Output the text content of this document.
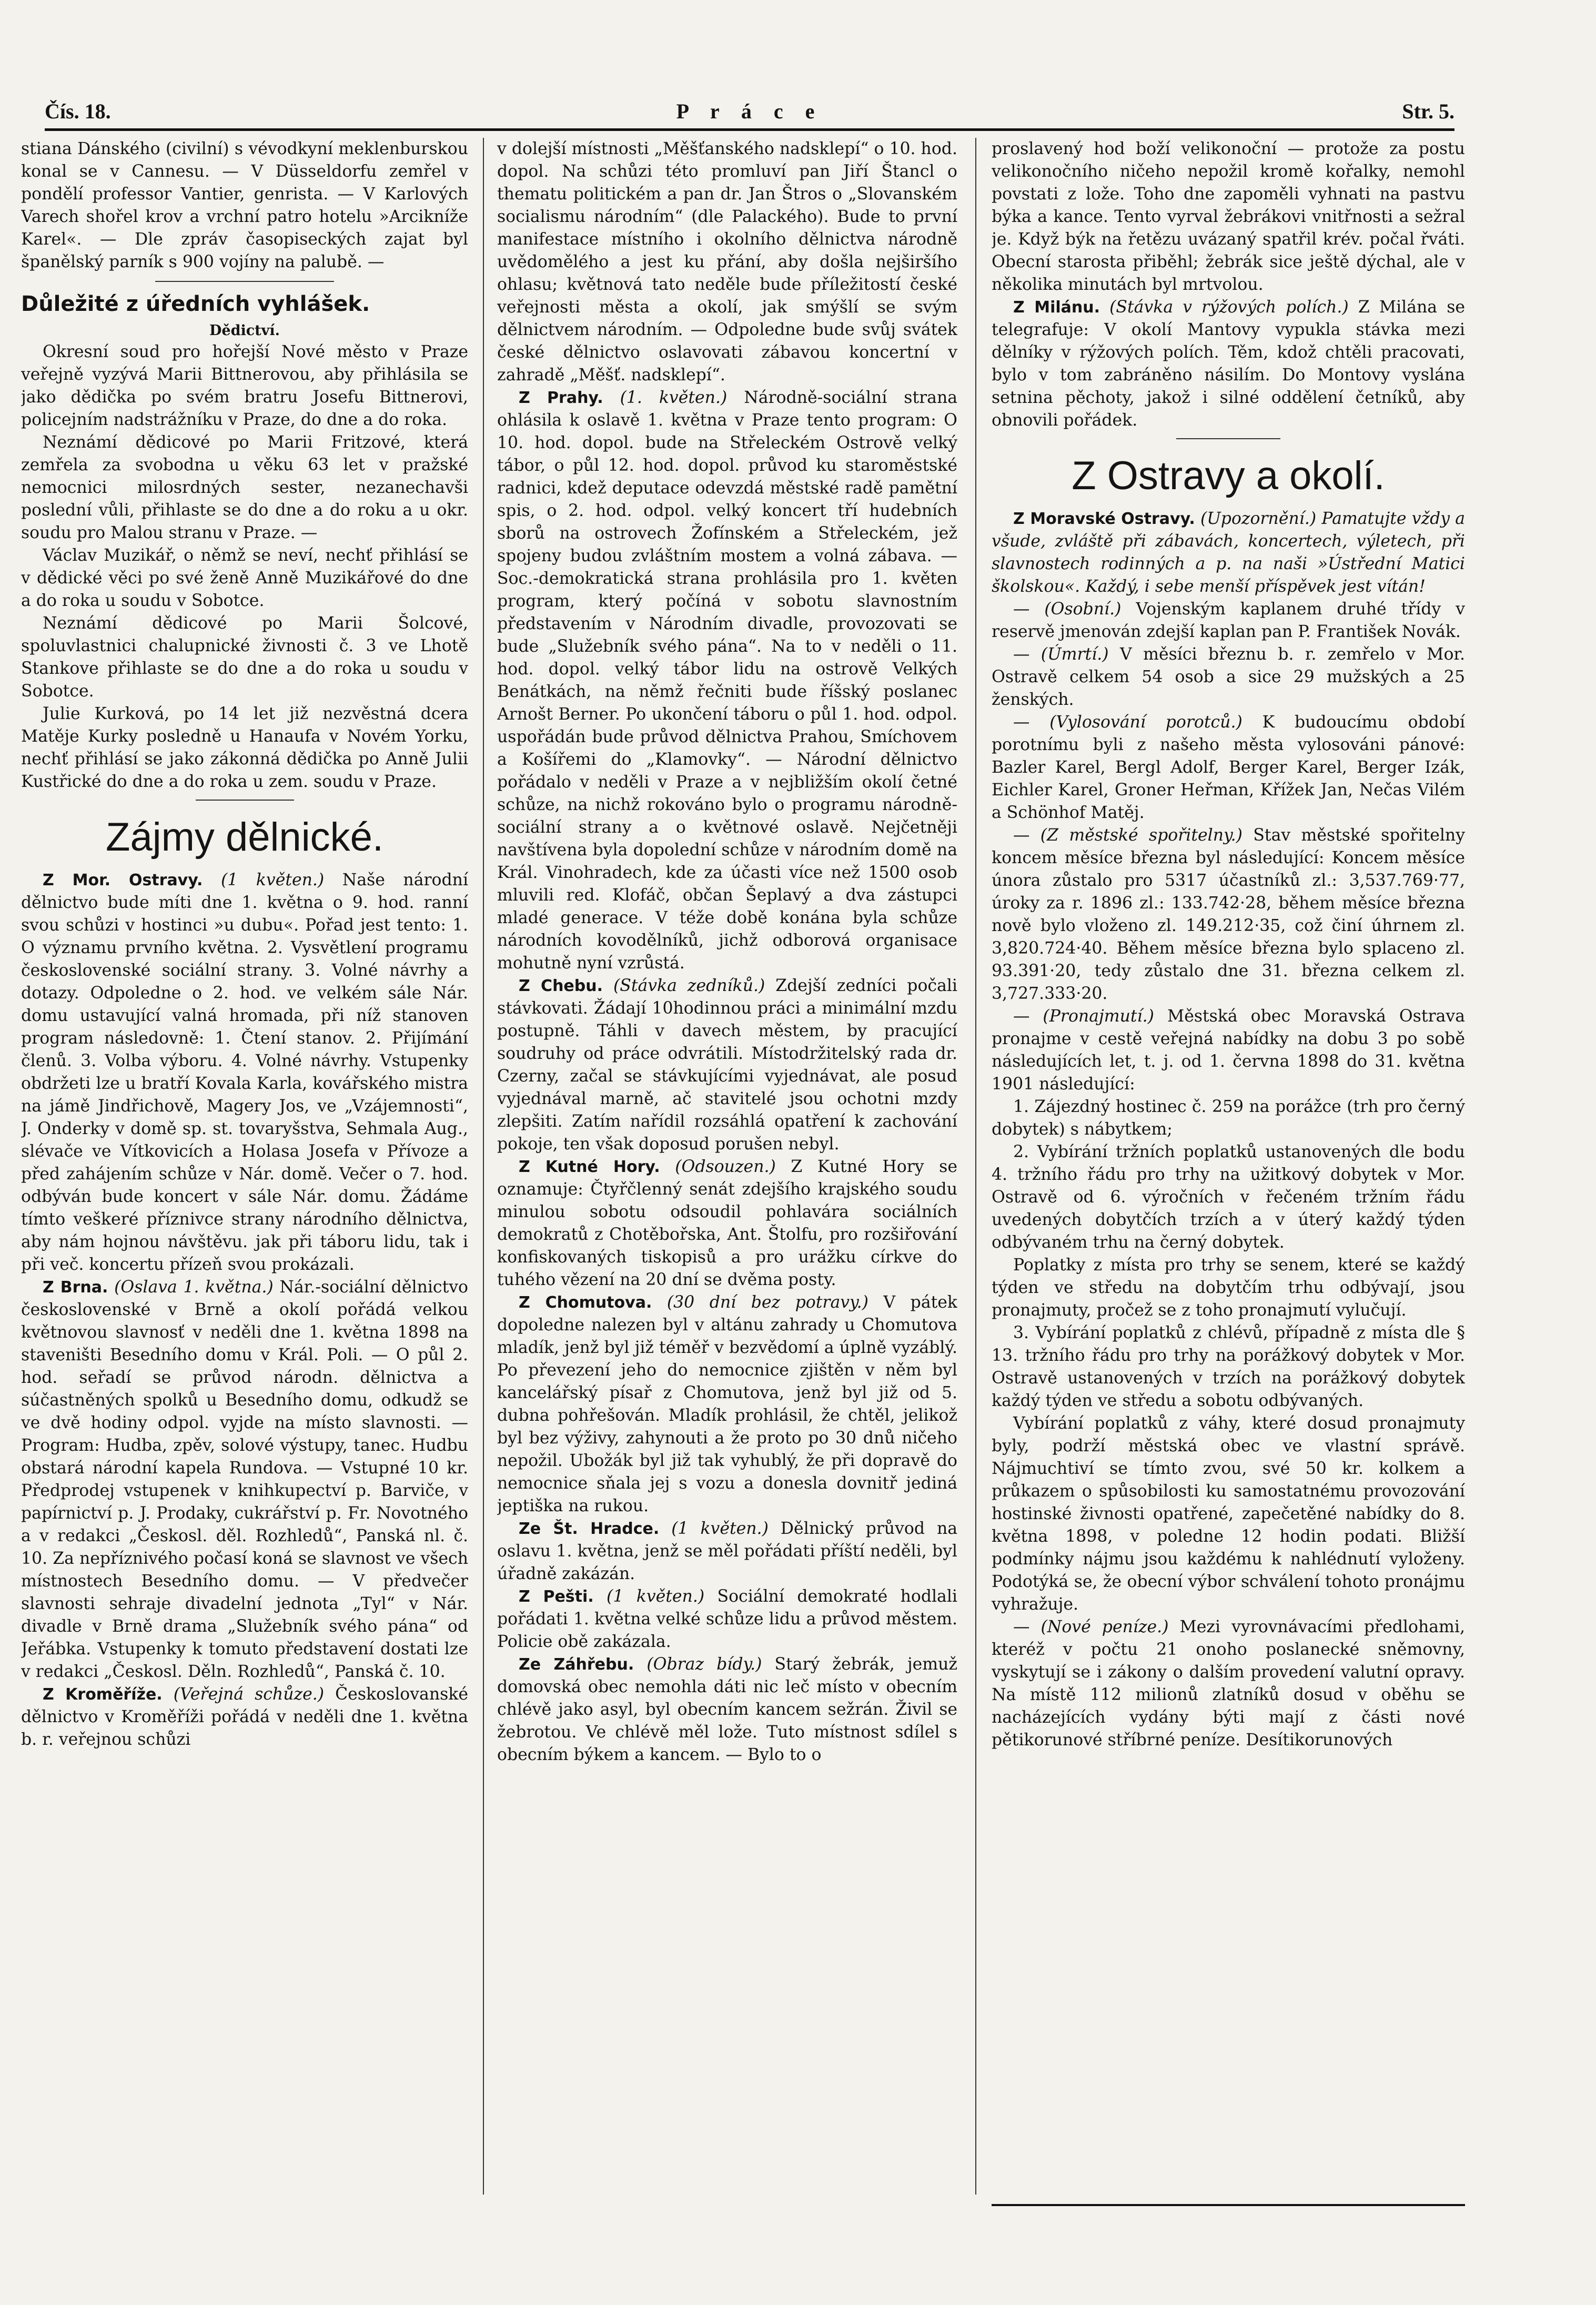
Čís. 18.	P r á c e	Str. 5.

stiana Dánského (civilní) s vévodkyní meklenburskou konal se v Cannesu. — V Düsseldorfu zemřel v pondělí professor Vantier, genrista. — V Karlových Varech shořel krov a vrchní patro hotelu »Arcikníže Karel«. — Dle zpráv časopiseckých zajat byl španělský parník s 900 vojíny na palubě. —

Důležité z úředních vyhlášek.
Dědictví.

Okresní soud pro hořejší Nové město v Praze veřejně vyzývá Marii Bittnerovou, aby přihlásila se jako dědička po svém bratru Josefu Bittnerovi, policejním nadstrážníku v Praze, do dne a do roka.

Neznámí dědicové po Marii Fritzové, která zemřela za svobodna u věku 63 let v pražské nemocnici milosrdných sester, nezanechavši poslední vůli, přihlaste se do dne a do roku a u okr. soudu pro Malou stranu v Praze. —

Václav Muzikář, o němž se neví, nechť přihlásí se v dědické věci po své ženě Anně Muzikářové do dne a do roka u soudu v Sobotce.

Neznámí dědicové po Marii Šolcové, spoluvlastnici chalupnické živnosti č. 3 ve Lhotě Stankove přihlaste se do dne a do roka u soudu v Sobotce.

Julie Kurková, po 14 let již nezvěstná dcera Matěje Kurky posledně u Hanaufa v Novém Yorku, nechť přihlásí se jako zákonná dědička po Anně Julii Kustřické do dne a do roka u zem. soudu v Praze.

Zájmy dělnické.

Z Mor. Ostravy. (1 květen.) Naše národní dělnictvo bude míti dne 1. května o 9. hod. ranní svou schůzi v hostinci »u dubu«. Pořad jest tento: 1. O významu prvního května. 2. Vysvětlení programu československé sociální strany. 3. Volné návrhy a dotazy. Odpoledne o 2. hod. ve velkém sále Nár. domu ustavující valná hromada, při níž stanoven program následovně: 1. Čtení stanov. 2. Přijímání členů. 3. Volba výboru. 4. Volné návrhy. Vstupenky obdržeti lze u bratří Kovala Karla, kovářského mistra na jámě Jindřichově, Magery Jos, ve „Vzájemnosti“, J. Onderky v domě sp. st. tovaryšstva, Sehmala Aug., slévače ve Vítkovicích a Holasa Josefa v Přívoze a před zahájením schůze v Nár. domě. Večer o 7. hod. odbýván bude koncert v sále Nár. domu. Žádáme tímto veškeré příznivce strany národního dělnictva, aby nám hojnou návštěvu. jak při táboru lidu, tak i při več. koncertu přízeň svou prokázali.

Z Brna. (Oslava 1. května.) Nár.-sociální dělnictvo československé v Brně a okolí pořádá velkou květnovou slavnosť v neděli dne 1. května 1898 na staveništi Besedního domu v Král. Poli. — O půl 2. hod. seřadí se průvod národn. dělnictva a súčastněných spolků u Besedního domu, odkudž se ve dvě hodiny odpol. vyjde na místo slavnosti. — Program: Hudba, zpěv, solové výstupy, tanec. Hudbu obstará národní kapela Rundova. — Vstupné 10 kr. Předprodej vstupenek v knihkupectví p. Barviče, v papírnictví p. J. Prodaky, cukrářství p. Fr. Novotného a v redakci „Českosl. děl. Rozhledů“, Panská nl. č. 10. Za nepříznivého počasí koná se slavnost ve všech místnostech Besedního domu. — V předvečer slavnosti sehraje divadelní jednota „Tyl“ v Nár. divadle v Brně drama „Služebník svého pána“ od Jeřábka. Vstupenky k tomuto představení dostati lze v redakci „Českosl. Děln. Rozhledů“, Panská č. 10.

Z Kroměříže. (Veřejná schůze.) Českoslovanské dělnictvo v Kroměříži pořádá v neděli dne 1. května b. r. veřejnou schůzi

v dolejší místnosti „Měšťanského nadsklepí“ o 10. hod. dopol. Na schůzi této promluví pan Jiří Štancl o thematu politickém a pan dr. Jan Štros o „Slovanském socialismu národním“ (dle Palackého). Bude to první manifestace místního i okolního dělnictva národně uvědomělého a jest ku přání, aby došla nejširšího ohlasu; květnová tato neděle bude příležitostí české veřejnosti města a okolí, jak smýšlí se svým dělnictvem národním. — Odpoledne bude svůj svátek české dělnictvo oslavovati zábavou koncertní v zahradě „Měšť. nadsklepí“.

Z Prahy. (1. květen.) Národně-sociální strana ohlásila k oslavě 1. května v Praze tento program: O 10. hod. dopol. bude na Střeleckém Ostrově velký tábor, o půl 12. hod. dopol. průvod ku staroměstské radnici, kdež deputace odevzdá městské radě pamětní spis, o 2. hod. odpol. velký koncert tří hudebních sborů na ostrovech Žofínském a Střeleckém, jež spojeny budou zvláštním mostem a volná zábava. — Soc.-demokratická strana prohlásila pro 1. květen program, který počíná v sobotu slavnostním představením v Národním divadle, provozovati se bude „Služebník svého pána“. Na to v neděli o 11. hod. dopol. velký tábor lidu na ostrově Velkých Benátkách, na němž řečniti bude říšský poslanec Arnošt Berner. Po ukončení táboru o půl 1. hod. odpol. uspořádán bude průvod dělnictva Prahou, Smíchovem a Košířemi do „Klamovky“. — Národní dělnictvo pořádalo v neděli v Praze a v nejbližším okolí četné schůze, na nichž rokováno bylo o programu národně-sociální strany a o květnové oslavě. Nejčetněji navštívena byla dopolední schůze v národním domě na Král. Vinohradech, kde za účasti více než 1500 osob mluvili red. Klofáč, občan Šeplavý a dva zástupci mladé generace. V téže době konána byla schůze národních kovodělníků, jichž odborová organisace mohutně nyní vzrůstá.

Z Chebu. (Stávka zedníků.) Zdejší zedníci počali stávkovati. Žádají 10hodinnou práci a minimální mzdu postupně. Táhli v davech městem, by pracující soudruhy od práce odvrátili. Místodržitelský rada dr. Czerny, začal se stávkujícími vyjednávat, ale posud vyjednával marně, ač stavitelé jsou ochotni mzdy zlepšiti. Zatím nařídil rozsáhlá opatření k zachování pokoje, ten však doposud porušen nebyl.

Z Kutné Hory. (Odsouzen.) Z Kutné Hory se oznamuje: Čtyřčlenný senát zdejšího krajského soudu minulou sobotu odsoudil pohlavára sociálních demokratů z Chotěbořska, Ant. Štolfu, pro rozšiřování konfiskovaných tiskopisů a pro urážku církve do tuhého vězení na 20 dní se dvěma posty.

Z Chomutova. (30 dní bez potravy.) V pátek dopoledne nalezen byl v altánu zahrady u Chomutova mladík, jenž byl již téměř v bezvědomí a úplně vyzáblý. Po převezení jeho do nemocnice zjištěn v něm byl kancelářský písař z Chomutova, jenž byl již od 5. dubna pohřešován. Mladík prohlásil, že chtěl, jelikož byl bez výživy, zahynouti a že proto po 30 dnů ničeho nepožil. Ubožák byl již tak vyhublý, že při dopravě do nemocnice sňala jej s vozu a donesla dovnitř jediná jeptiška na rukou.

Ze Št. Hradce. (1 květen.) Dělnický průvod na oslavu 1. května, jenž se měl pořádati příští neděli, byl úřadně zakázán.

Z Pešti. (1 květen.) Sociální demokraté hodlali pořádati 1. května velké schůze lidu a průvod městem. Policie obě zakázala.

Ze Záhřebu. (Obraz bídy.) Starý žebrák, jemuž domovská obec nemohla dáti nic leč místo v obecním chlévě jako asyl, byl obecním kancem sežrán. Živil se žebrotou. Ve chlévě měl lože. Tuto místnost sdílel s obecním býkem a kancem. — Bylo to o

proslavený hod boží velikonoční — protože za postu velikonočního ničeho nepožil kromě kořalky, nemohl povstati z lože. Toho dne zapoměli vyhnati na pastvu býka a kance. Tento vyrval žebrákovi vnitřnosti a sežral je. Když býk na řetězu uvázaný spatřil krév. počal řváti. Obecní starosta přiběhl; žebrák sice ještě dýchal, ale v několika minutách byl mrtvolou.

Z Milánu. (Stávka v rýžových polích.) Z Milána se telegrafuje: V okolí Mantovy vypukla stávka mezi dělníky v rýžových polích. Těm, kdož chtěli pracovati, bylo v tom zabráněno násilím. Do Montovy vyslána setnina pěchoty, jakož i silné oddělení četníků, aby obnovili pořádek.

Z Ostravy a okolí.

Z Moravské Ostravy. (Upozornění.) Pamatujte vždy a všude, zvláště při zábavách, koncertech, výletech, při slavnostech rodinných a p. na naši »Ústřední Matici školskou«. Každý, i sebe menší příspěvek jest vítán!

— (Osobní.) Vojenským kaplanem druhé třídy v reservě jmenován zdejší kaplan pan P. František Novák.

— (Úmrtí.) V měsíci březnu b. r. zemřelo v Mor. Ostravě celkem 54 osob a sice 29 mužských a 25 ženských.

— (Vylosování porotců.) K budoucímu období porotnímu byli z našeho města vylosováni pánové: Bazler Karel, Bergl Adolf, Berger Karel, Berger Izák, Eichler Karel, Groner Heřman, Křížek Jan, Nečas Vilém a Schönhof Matěj.

— (Z městské spořitelny.) Stav městské spořitelny koncem měsíce března byl následující: Koncem měsíce února zůstalo pro 5317 účastníků zl.: 3,537.769·77, úroky za r. 1896 zl.: 133.742·28, během měsíce března nově bylo vloženo zl. 149.212·35, což činí úhrnem zl. 3,820.724·40. Během měsíce března bylo splaceno zl. 93.391·20, tedy zůstalo dne 31. března celkem zl. 3,727.333·20.

— (Pronajmutí.) Městská obec Moravská Ostrava pronajme v cestě veřejná nabídky na dobu 3 po sobě následujících let, t. j. od 1. června 1898 do 31. května 1901 následující:

1. Zájezdný hostinec č. 259 na porážce (trh pro černý dobytek) s nábytkem;

2. Vybírání tržních poplatků ustanovených dle bodu 4. tržního řádu pro trhy na užitkový dobytek v Mor. Ostravě od 6. výročních v řečeném tržním řádu uvedených dobytčích trzích a v úterý každý týden odbývaném trhu na černý dobytek.

Poplatky z místa pro trhy se senem, které se každý týden ve středu na dobytčím trhu odbývají, jsou pronajmuty, pročež se z toho pronajmutí vylučují.

3. Vybírání poplatků z chlévů, případně z místa dle § 13. tržního řádu pro trhy na porážkový dobytek v Mor. Ostravě ustanovených v trzích na porážkový dobytek každý týden ve středu a sobotu odbývaných.

Vybírání poplatků z váhy, které dosud pronajmuty byly, podrží městská obec ve vlastní správě. Nájmuchtiví se tímto zvou, své 50 kr. kolkem a průkazem o spůsobilosti ku samostatnému provozování hostinské živnosti opatřené, zapečetěné nabídky do 8. května 1898, v poledne 12 hodin podati. Bližší podmínky nájmu jsou každému k nahlédnutí vyloženy. Podotýká se, že obecní výbor schválení tohoto pronájmu vyhražuje.

— (Nové peníze.) Mezi vyrovnávacími předlohami, kteréž v počtu 21 onoho poslanecké sněmovny, vyskytují se i zákony o dalším provedení valutní opravy. Na místě 112 milionů zlatníků dosud v oběhu se nacházejících vydány býti mají z části nové pětikorunové stříbrné peníze. Desítikorunových
